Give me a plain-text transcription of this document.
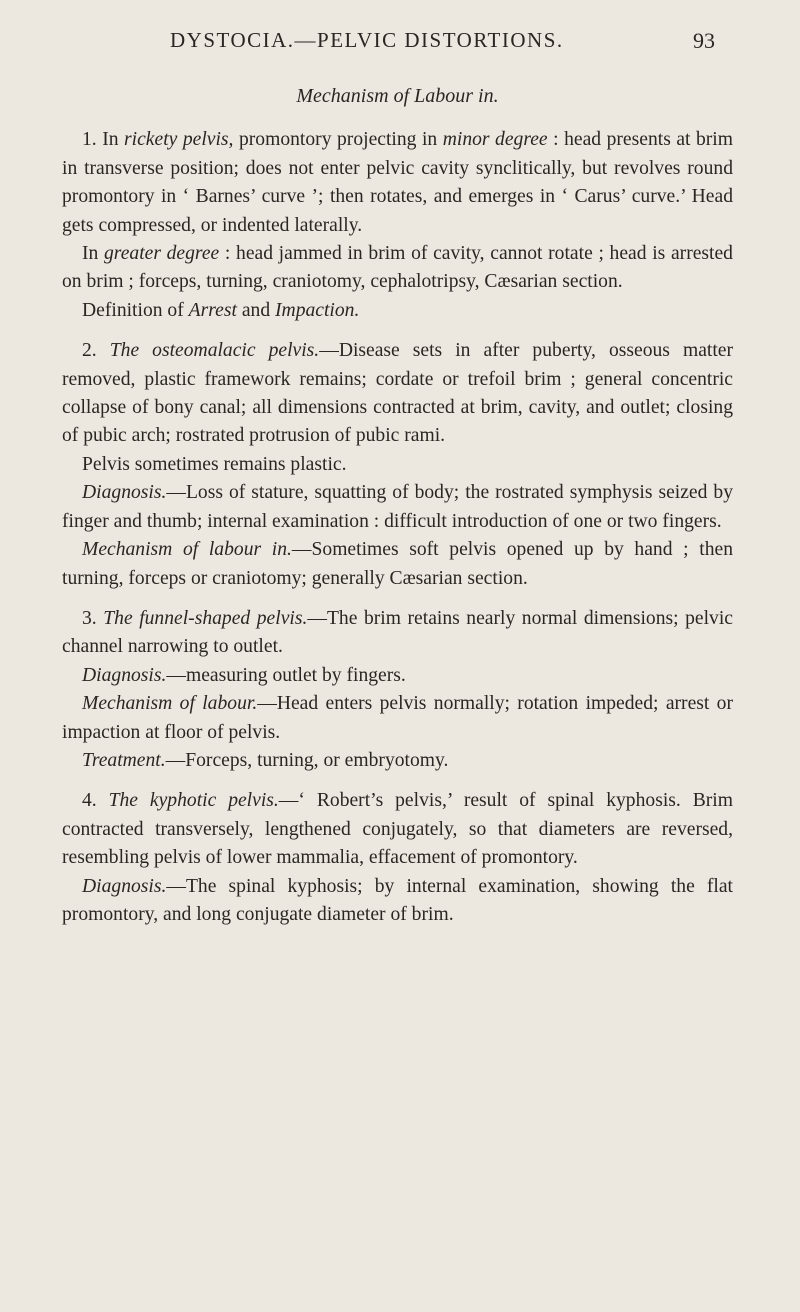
DYSTOCIA.—PELVIC DISTORTIONS.	93
Mechanism of Labour in.

1. In rickety pelvis, promontory projecting in minor degree : head presents at brim in transverse position; does not enter pelvic cavity synclitically, but revolves round promontory in ‘ Barnes’ curve ’; then rotates, and emerges in ‘ Carus’ curve.’ Head gets compressed, or indented laterally.

In greater degree : head jammed in brim of cavity, cannot rotate ; head is arrested on brim ; forceps, turning, craniotomy, cephalotripsy, Cæsarian section.

Definition of Arrest and Impaction.

2. The osteomalacic pelvis.—Disease sets in after puberty, osseous matter removed, plastic framework remains; cordate or trefoil brim ; general concentric collapse of bony canal; all dimensions contracted at brim, cavity, and outlet; closing of pubic arch; rostrated protrusion of pubic rami.

Pelvis sometimes remains plastic.

Diagnosis.—Loss of stature, squatting of body; the rostrated symphysis seized by finger and thumb; internal examination : difficult introduction of one or two fingers.

Mechanism of labour in.—Sometimes soft pelvis opened up by hand ; then turning, forceps or craniotomy; generally Cæsarian section.

3. The funnel-shaped pelvis.—The brim retains nearly normal dimensions; pelvic channel narrowing to outlet.

Diagnosis.—measuring outlet by fingers.

Mechanism of labour.—Head enters pelvis normally; rotation impeded; arrest or impaction at floor of pelvis.

Treatment.—Forceps, turning, or embryotomy.

4. The kyphotic pelvis.—‘ Robert’s pelvis,’ result of spinal kyphosis. Brim contracted transversely, lengthened conjugately, so that diameters are reversed, resembling pelvis of lower mammalia, effacement of promontory.

Diagnosis.—The spinal kyphosis; by internal examination, showing the flat promontory, and long conjugate diameter of brim.
